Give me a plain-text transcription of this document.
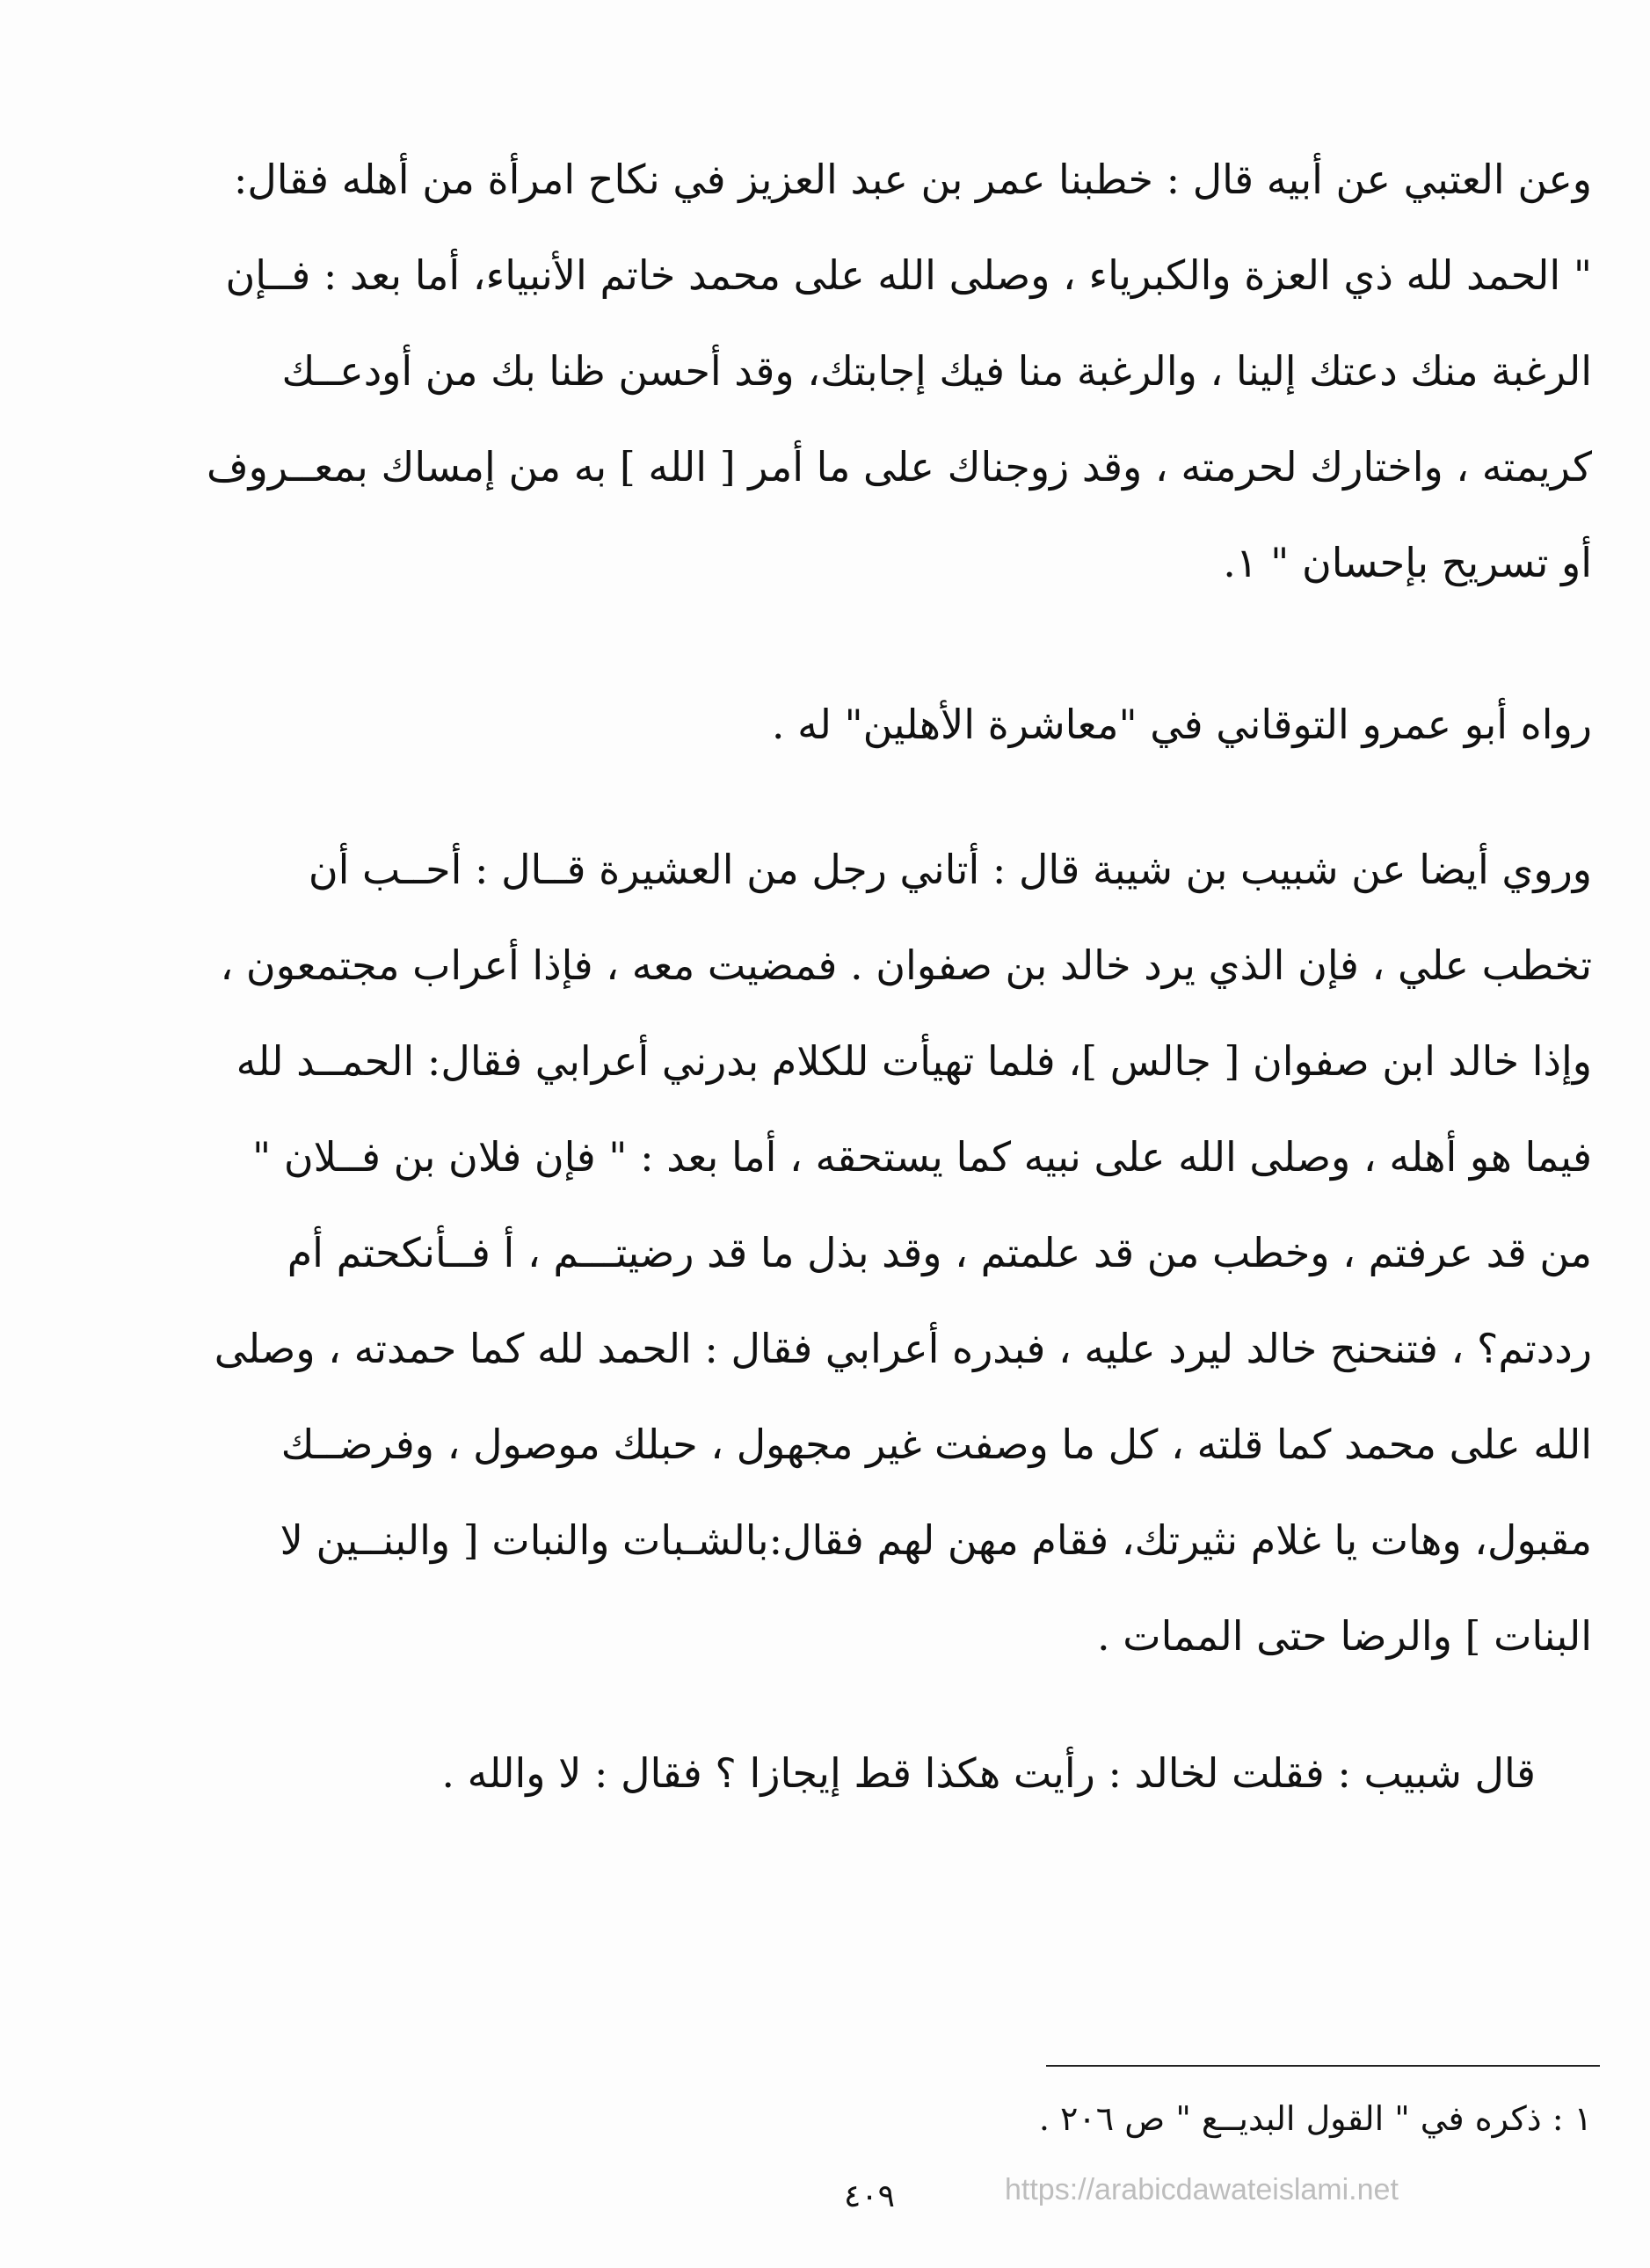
وعن العتبي عن أبيه قال : خطبنا عمر بن عبد العزيز في نكاح امرأة من أهله فقال:
" الحمد لله ذي العزة والكبرياء ، وصلى الله على محمد خاتم الأنبياء، أما بعد : فــإن
الرغبة منك دعتك إلينا ، والرغبة منا فيك إجابتك، وقد أحسن ظنا بك من أودعــك
كريمته ، واختارك لحرمته ، وقد زوجناك على ما أمر [ الله ] به من إمساك بمعــروف
أو تسريح بإحسان " ١.
رواه أبو عمرو التوقاني في "معاشرة الأهلين" له .
وروي أيضا عن شبيب بن شيبة قال : أتاني رجل من العشيرة قــال : أحــب أن
تخطب علي ، فإن الذي يرد خالد بن صفوان . فمضيت معه ، فإذا أعراب مجتمعون ،
وإذا خالد ابن صفوان [ جالس ]، فلما تهيأت للكلام بدرني أعرابي فقال: الحمــد لله
فيما هو أهله ، وصلى الله على نبيه كما يستحقه ، أما بعد : " فإن فلان بن فــلان "
من قد عرفتم ، وخطب من قد علمتم ، وقد بذل ما قد رضيتـــم ، أ فــأنكحتم أم
رددتم؟ ، فتنحنح خالد ليرد عليه ، فبدره أعرابي فقال : الحمد لله كما حمدته ، وصلى
الله على محمد كما قلته ، كل ما وصفت غير مجهول ، حبلك موصول ، وفرضــك
مقبول، وهات يا غلام نثيرتك، فقام مهن لهم فقال:بالشـبات والنبات [ والبنــين لا
البنات ] والرضا حتى الممات .
قال شبيب : فقلت لخالد : رأيت هكذا قط إيجازا ؟ فقال : لا والله .
١ : ذكره في " القول البديــع " ص ٢٠٦ .
٤٠٩	https://arabicdawateislami.net
